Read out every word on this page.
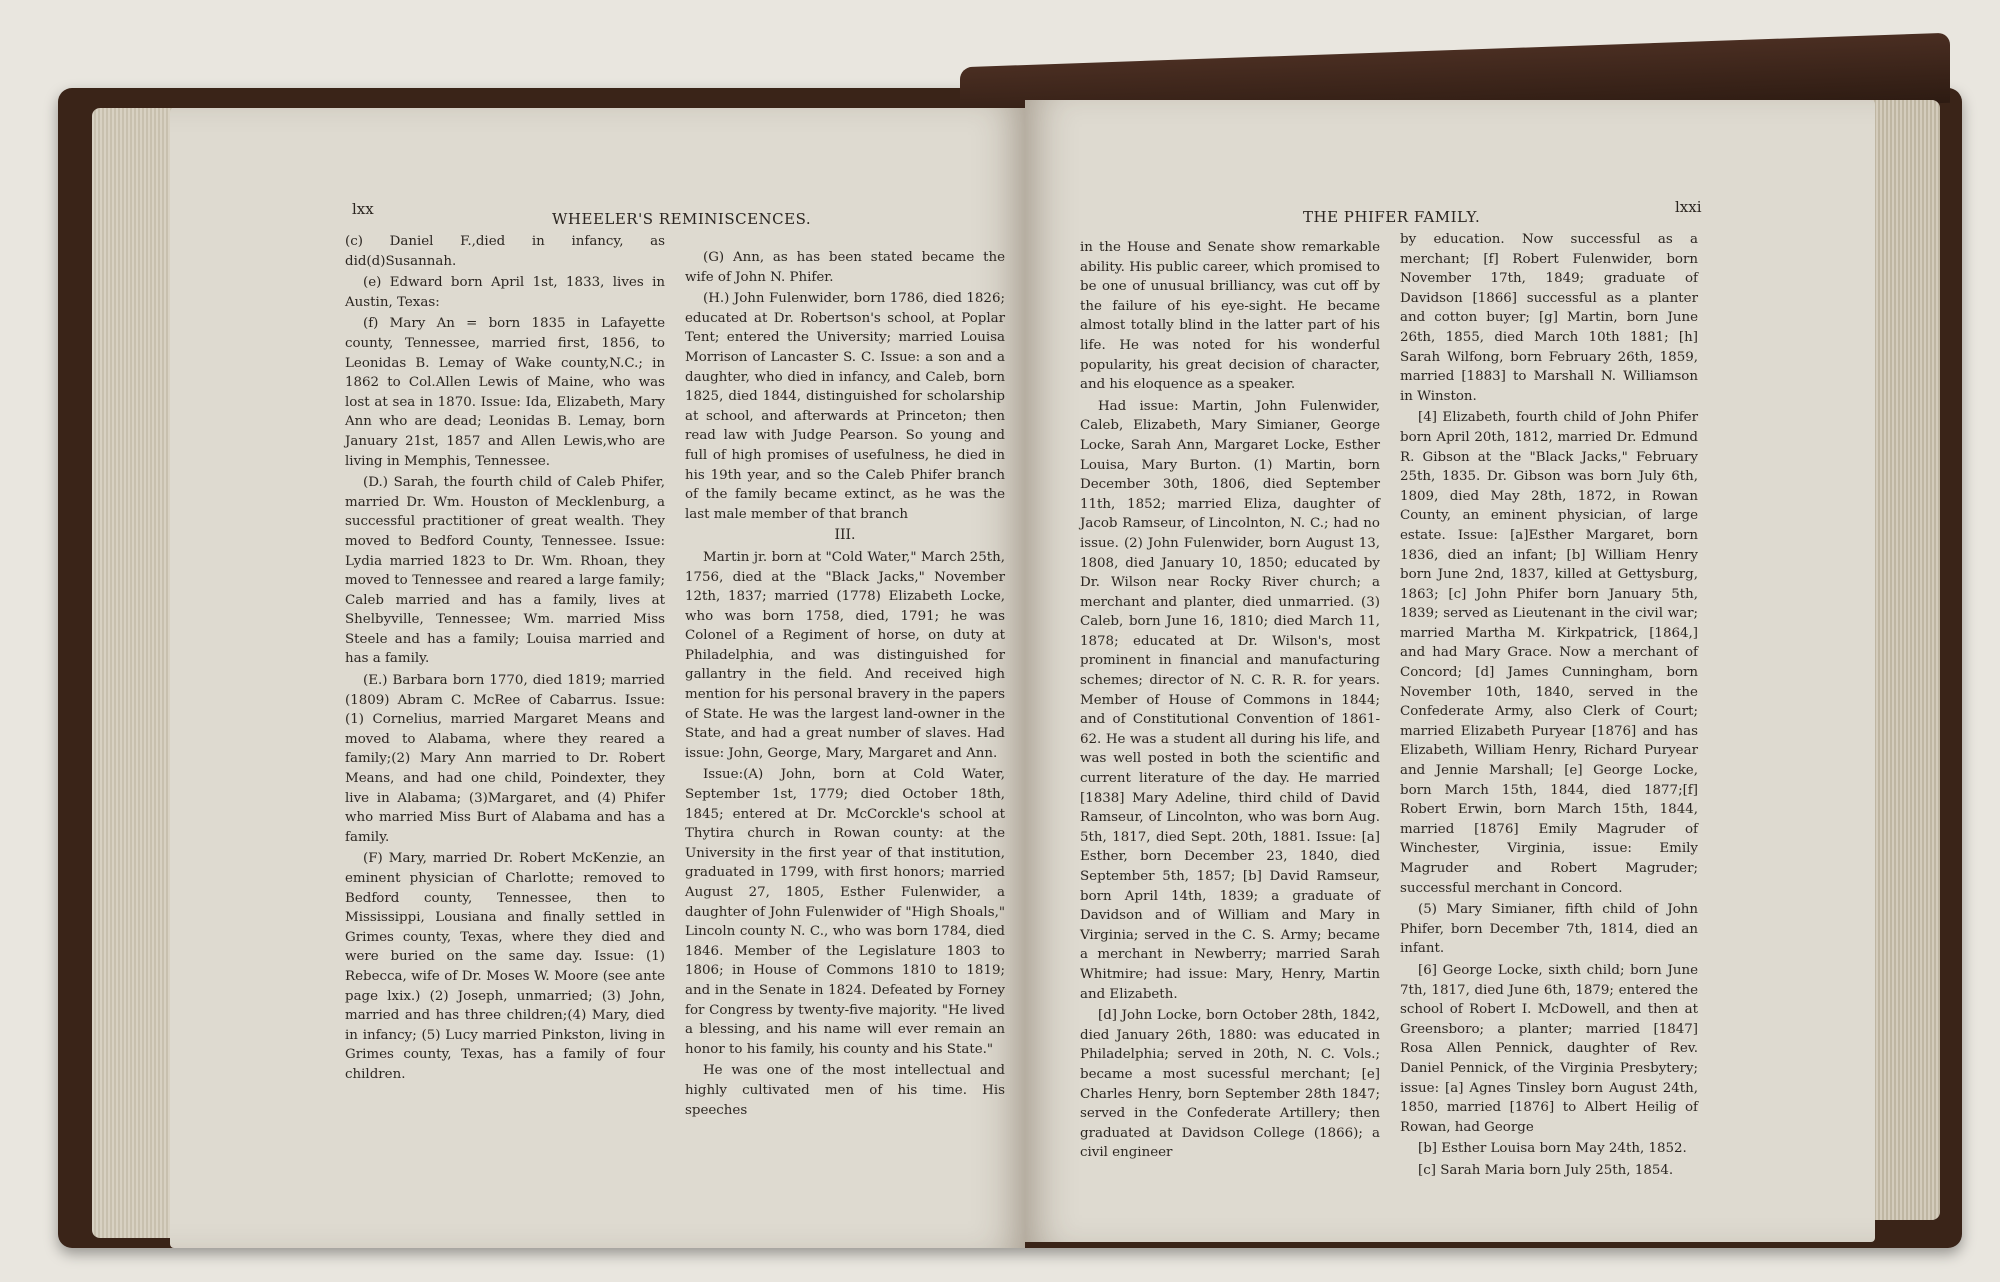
lxx
WHEELER'S REMINISCENCES.

(c) Daniel F.,died in infancy, as did(d)Susannah.

(e) Edward born April 1st, 1833, lives in Austin, Texas:

(f) Mary An = born 1835 in Lafayette county, Tennessee, married first, 1856, to Leonidas B. Lemay of Wake county,N.C.; in 1862 to Col.Allen Lewis of Maine, who was lost at sea in 1870. Issue: Ida, Elizabeth, Mary Ann who are dead; Leonidas B. Lemay, born January 21st, 1857 and Allen Lewis,who are living in Memphis, Tennessee.

(D.) Sarah, the fourth child of Caleb Phifer, married Dr. Wm. Houston of Mecklenburg, a successful practitioner of great wealth. They moved to Bedford County, Tennessee. Issue: Lydia married 1823 to Dr. Wm. Rhoan, they moved to Tennessee and reared a large family; Caleb married and has a family, lives at Shelbyville, Tennessee; Wm. married Miss Steele and has a family; Louisa married and has a family.

(E.) Barbara born 1770, died 1819; married (1809) Abram C. McRee of Cabarrus. Issue: (1) Cornelius, married Margaret Means and moved to Alabama, where they reared a family;(2) Mary Ann married to Dr. Robert Means, and had one child, Poindexter, they live in Alabama; (3)Margaret, and (4) Phifer who married Miss Burt of Alabama and has a family.

(F) Mary, married Dr. Robert McKenzie, an eminent physician of Charlotte; removed to Bedford county, Tennessee, then to Mississippi, Lousiana and finally settled in Grimes county, Texas, where they died and were buried on the same day. Issue: (1) Rebecca, wife of Dr. Moses W. Moore (see ante page lxix.) (2) Joseph, unmarried; (3) John, married and has three children;(4) Mary, died in infancy; (5) Lucy married Pinkston, living in Grimes county, Texas, has a family of four children.

(G) Ann, as has been stated became the wife of John N. Phifer.

(H.) John Fulenwider, born 1786, died 1826; educated at Dr. Robertson's school, at Poplar Tent; entered the University; married Louisa Morrison of Lancaster S. C. Issue: a son and a daughter, who died in infancy, and Caleb, born 1825, died 1844, distinguished for scholarship at school, and afterwards at Princeton; then read law with Judge Pearson. So young and full of high promises of usefulness, he died in his 19th year, and so the Caleb Phifer branch of the family became extinct, as he was the last male member of that branch

III.

Martin jr. born at "Cold Water," March 25th, 1756, died at the "Black Jacks," November 12th, 1837; married (1778) Elizabeth Locke, who was born 1758, died, 1791; he was Colonel of a Regiment of horse, on duty at Philadelphia, and was distinguished for gallantry in the field. And received high mention for his personal bravery in the papers of State. He was the largest land-owner in the State, and had a great number of slaves. Had issue: John, George, Mary, Margaret and Ann.

Issue:(A) John, born at Cold Water, September 1st, 1779; died October 18th, 1845; entered at Dr. McCorckle's school at Thytira church in Rowan county: at the University in the first year of that institution, graduated in 1799, with first honors; married August 27, 1805, Esther Fulenwider, a daughter of John Fulenwider of "High Shoals," Lincoln county N. C., who was born 1784, died 1846. Member of the Legislature 1803 to 1806; in House of Commons 1810 to 1819; and in the Senate in 1824. Defeated by Forney for Congress by twenty-five majority. "He lived a blessing, and his name will ever remain an honor to his family, his county and his State."

He was one of the most intellectual and highly cultivated men of his time. His speeches

THE PHIFER FAMILY.
lxxi

in the House and Senate show remarkable ability. His public career, which promised to be one of unusual brilliancy, was cut off by the failure of his eye-sight. He became almost totally blind in the latter part of his life. He was noted for his wonderful popularity, his great decision of character, and his eloquence as a speaker.

Had issue: Martin, John Fulenwider, Caleb, Elizabeth, Mary Simianer, George Locke, Sarah Ann, Margaret Locke, Esther Louisa, Mary Burton. (1) Martin, born December 30th, 1806, died September 11th, 1852; married Eliza, daughter of Jacob Ramseur, of Lincolnton, N. C.; had no issue. (2) John Fulenwider, born August 13, 1808, died January 10, 1850; educated by Dr. Wilson near Rocky River church; a merchant and planter, died unmarried. (3) Caleb, born June 16, 1810; died March 11, 1878; educated at Dr. Wilson's, most prominent in financial and manufacturing schemes; director of N. C. R. R. for years. Member of House of Commons in 1844; and of Constitutional Convention of 1861-62. He was a student all during his life, and was well posted in both the scientific and current literature of the day. He married [1838] Mary Adeline, third child of David Ramseur, of Lincolnton, who was born Aug. 5th, 1817, died Sept. 20th, 1881. Issue: [a] Esther, born December 23, 1840, died September 5th, 1857; [b] David Ramseur, born April 14th, 1839; a graduate of Davidson and of William and Mary in Virginia; served in the C. S. Army; became a merchant in Newberry; married Sarah Whitmire; had issue: Mary, Henry, Martin and Elizabeth.

[d] John Locke, born October 28th, 1842, died January 26th, 1880: was educated in Philadelphia; served in 20th, N. C. Vols.; became a most sucessful merchant; [e] Charles Henry, born September 28th 1847; served in the Confederate Artillery; then graduated at Davidson College (1866); a civil engineer

by education. Now successful as a merchant; [f] Robert Fulenwider, born November 17th, 1849; graduate of Davidson [1866] successful as a planter and cotton buyer; [g] Martin, born June 26th, 1855, died March 10th 1881; [h] Sarah Wilfong, born February 26th, 1859, married [1883] to Marshall N. Williamson in Winston.

[4] Elizabeth, fourth child of John Phifer born April 20th, 1812, married Dr. Edmund R. Gibson at the "Black Jacks," February 25th, 1835. Dr. Gibson was born July 6th, 1809, died May 28th, 1872, in Rowan County, an eminent physician, of large estate. Issue: [a]Esther Margaret, born 1836, died an infant; [b] William Henry born June 2nd, 1837, killed at Gettysburg, 1863; [c] John Phifer born January 5th, 1839; served as Lieutenant in the civil war; married Martha M. Kirkpatrick, [1864,] and had Mary Grace. Now a merchant of Concord; [d] James Cunningham, born November 10th, 1840, served in the Confederate Army, also Clerk of Court; married Elizabeth Puryear [1876] and has Elizabeth, William Henry, Richard Puryear and Jennie Marshall; [e] George Locke, born March 15th, 1844, died 1877;[f] Robert Erwin, born March 15th, 1844, married [1876] Emily Magruder of Winchester, Virginia, issue: Emily Magruder and Robert Magruder; successful merchant in Concord.

(5) Mary Simianer, fifth child of John Phifer, born December 7th, 1814, died an infant.

[6] George Locke, sixth child; born June 7th, 1817, died June 6th, 1879; entered the school of Robert I. McDowell, and then at Greensboro; a planter; married [1847] Rosa Allen Pennick, daughter of Rev. Daniel Pennick, of the Virginia Presbytery; issue: [a] Agnes Tinsley born August 24th, 1850, married [1876] to Albert Heilig of Rowan, had George

[b] Esther Louisa born May 24th, 1852.

[c] Sarah Maria born July 25th, 1854.
